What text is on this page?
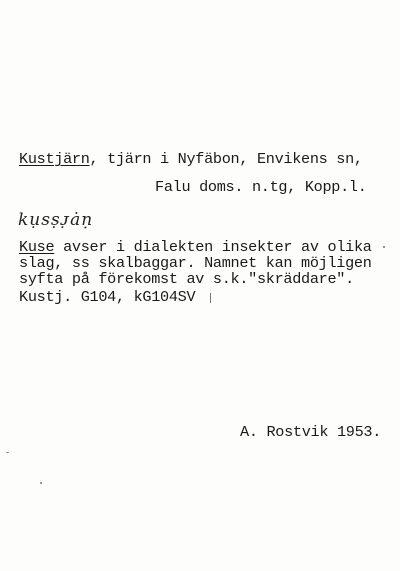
Kustjärn, tjärn i Nyfäbon, Envikens sn,
Falu doms. n.tg, Kopp.l.
kụsṣᴊ̣ȧṇ
Kuse avser i dialekten insekter av olika
slag, ss skalbaggar. Namnet kan möjligen
syfta på förekomst av s.k."skräddare".
Kustj. G104, kG104SV
A. Rostvik 1953.
